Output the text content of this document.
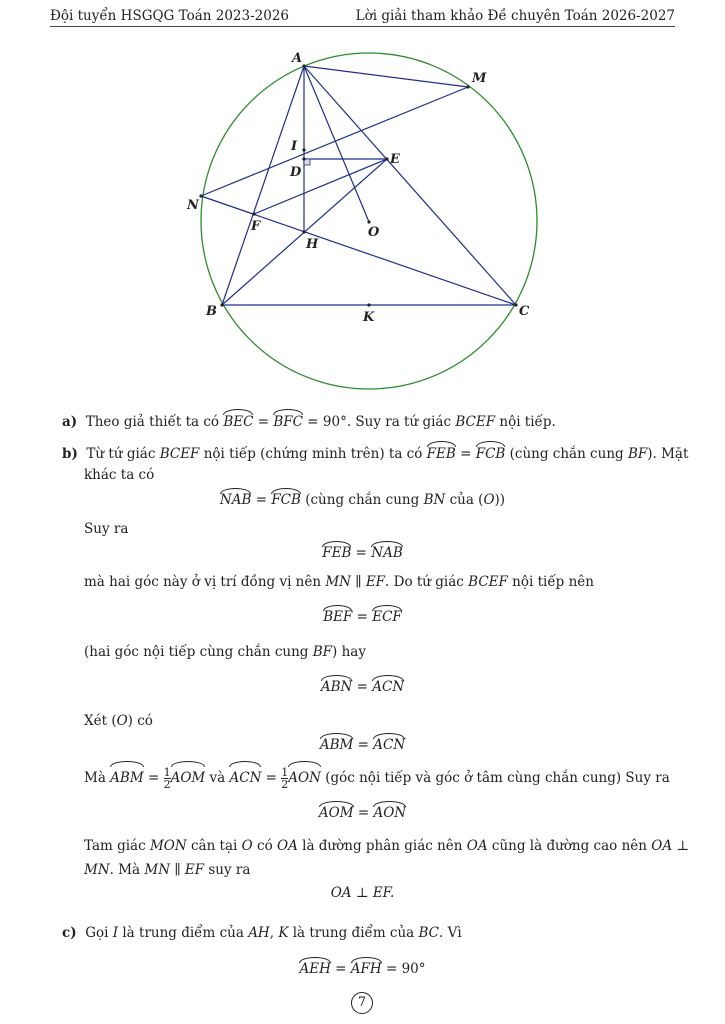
Đội tuyển HSGQG Toán 2023-2026	Lời giải tham khảo Đề chuyên Toán 2026-2027
A
M
I
E
D
N
F	O
H
B	K	C
a) Theo giả thiết ta có BEC = BFC = 90°. Suy ra tứ giác BCEF nội tiếp.
b) Từ tứ giác BCEF nội tiếp (chứng minh trên) ta có FEB = FCB (cùng chắn cung BF). Mặt
khác ta có
NAB = FCB (cùng chắn cung BN của (O))
Suy ra
FEB = NAB
mà hai góc này ở vị trí đồng vị nên MN ∥ EF. Do tứ giác BCEF nội tiếp nên
BEF = ECF
(hai góc nội tiếp cùng chắn cung BF) hay
ABN = ACN
Xét (O) có
ABM = ACN
Mà ABM = $\frac{1}{2}$ AOM và ACN = $\frac{1}{2}$ AON (góc nội tiếp và góc ở tâm cùng chắn cung) Suy ra
AOM = AON
Tam giác MON cân tại O có OA là đường phân giác nên OA cũng là đường cao nên OA ⊥
MN. Mà MN ∥ EF suy ra
OA ⊥ EF.
c) Gọi I là trung điểm của AH, K là trung điểm của BC. Vì
AEH = AFH = 90°
7
